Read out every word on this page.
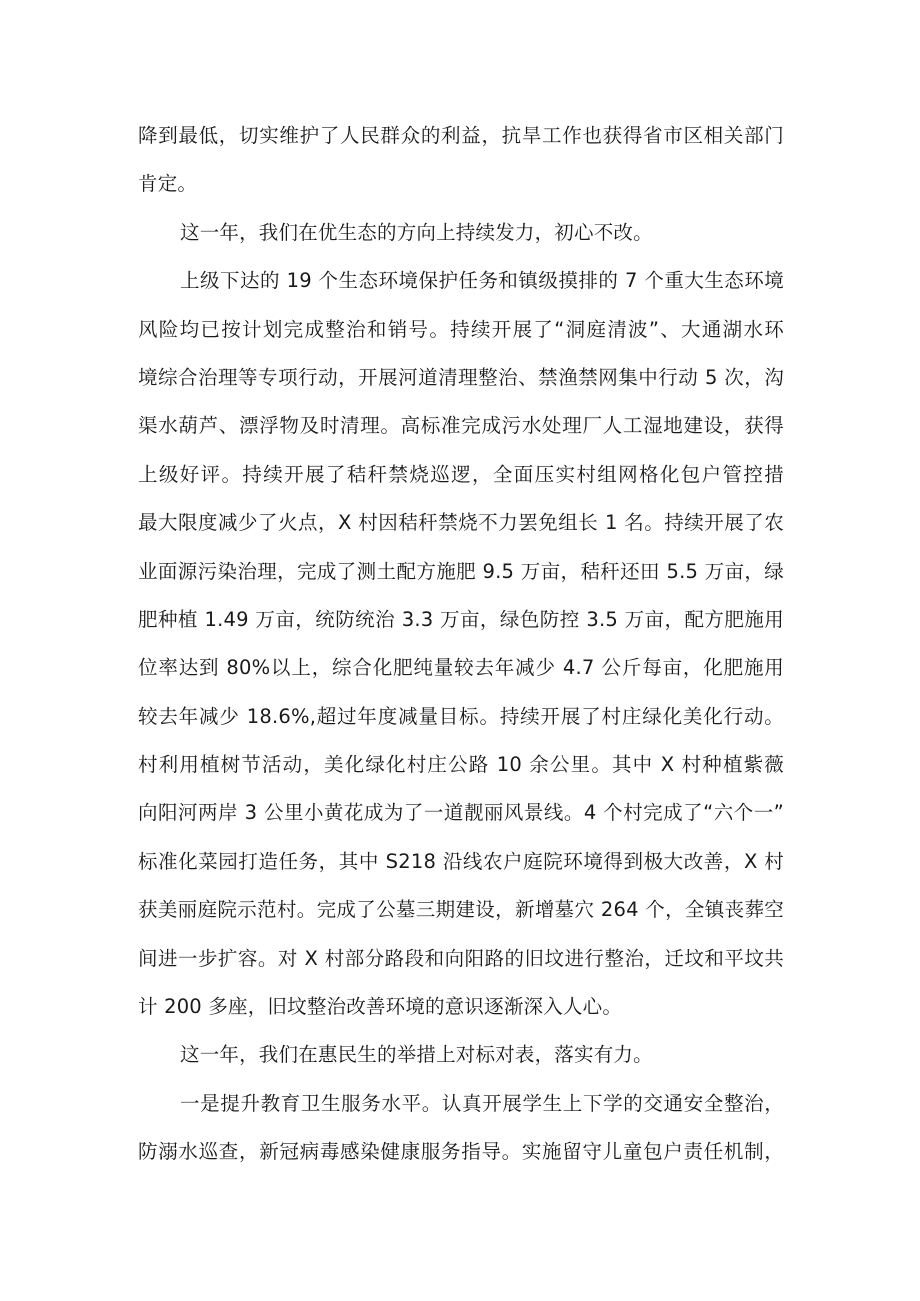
降到最低，切实维护了人民群众的利益，抗旱工作也获得省市区相关部门
肯定。
这一年，我们在优生态的方向上持续发力，初心不改。
上级下达的 19 个生态环境保护任务和镇级摸排的 7 个重大生态环境
风险均已按计划完成整治和销号。持续开展了“洞庭清波”、大通湖水环
境综合治理等专项行动，开展河道清理整治、禁渔禁网集中行动 5 次，沟
渠水葫芦、漂浮物及时清理。高标准完成污水处理厂人工湿地建设，获得
上级好评。持续开展了秸秆禁烧巡逻，全面压实村组网格化包户管控措
最大限度减少了火点，X 村因秸秆禁烧不力罢免组长 1 名。持续开展了农
业面源污染治理，完成了测土配方施肥 9.5 万亩，秸秆还田 5.5 万亩，绿
肥种植 1.49 万亩，统防统治 3.3 万亩，绿色防控 3.5 万亩，配方肥施用
位率达到 80%以上，综合化肥纯量较去年减少 4.7 公斤每亩，化肥施用
较去年减少 18.6%,超过年度减量目标。持续开展了村庄绿化美化行动。
村利用植树节活动，美化绿化村庄公路 10 余公里。其中 X 村种植紫薇
向阳河两岸 3 公里小黄花成为了一道靓丽风景线。4 个村完成了“六个一”
标准化菜园打造任务，其中 S218 沿线农户庭院环境得到极大改善，X 村
获美丽庭院示范村。完成了公墓三期建设，新增墓穴 264 个，全镇丧葬空
间进一步扩容。对 X 村部分路段和向阳路的旧坟进行整治，迁坟和平坟共
计 200 多座，旧坟整治改善环境的意识逐渐深入人心。
这一年，我们在惠民生的举措上对标对表，落实有力。
一是提升教育卫生服务水平。认真开展学生上下学的交通安全整治，
防溺水巡查，新冠病毒感染健康服务指导。实施留守儿童包户责任机制，
